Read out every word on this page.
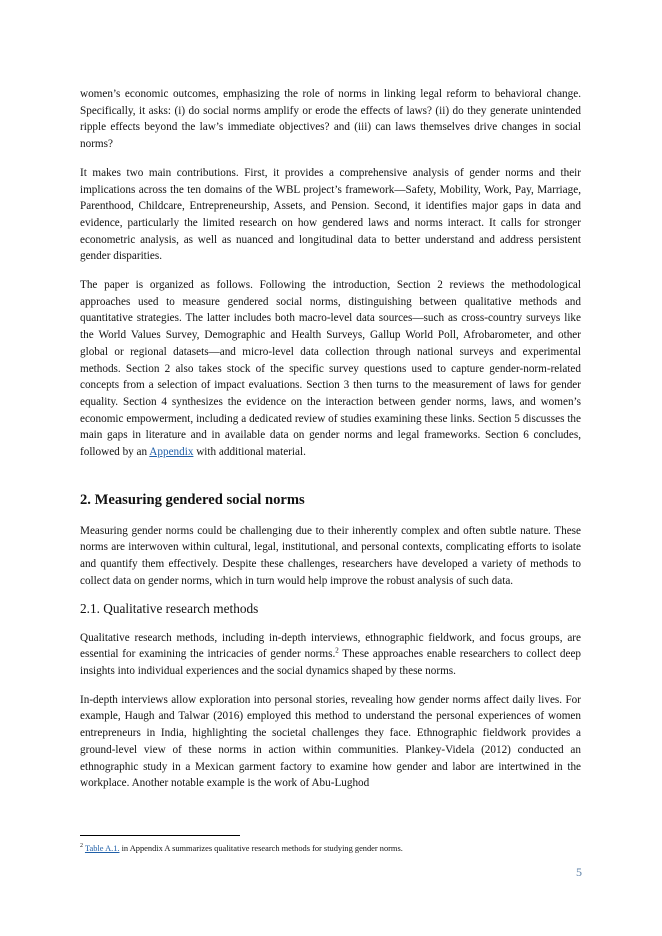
women’s economic outcomes, emphasizing the role of norms in linking legal reform to behavioral change. Specifically, it asks: (i) do social norms amplify or erode the effects of laws? (ii) do they generate unintended ripple effects beyond the law’s immediate objectives? and (iii) can laws themselves drive changes in social norms?

It makes two main contributions. First, it provides a comprehensive analysis of gender norms and their implications across the ten domains of the WBL project’s framework—Safety, Mobility, Work, Pay, Marriage, Parenthood, Childcare, Entrepreneurship, Assets, and Pension. Second, it identifies major gaps in data and evidence, particularly the limited research on how gendered laws and norms interact. It calls for stronger econometric analysis, as well as nuanced and longitudinal data to better understand and address persistent gender disparities.

The paper is organized as follows. Following the introduction, Section 2 reviews the methodological approaches used to measure gendered social norms, distinguishing between qualitative methods and quantitative strategies. The latter includes both macro-level data sources—such as cross-country surveys like the World Values Survey, Demographic and Health Surveys, Gallup World Poll, Afrobarometer, and other global or regional datasets—and micro-level data collection through national surveys and experimental methods. Section 2 also takes stock of the specific survey questions used to capture gender-norm-related concepts from a selection of impact evaluations. Section 3 then turns to the measurement of laws for gender equality. Section 4 synthesizes the evidence on the interaction between gender norms, laws, and women’s economic empowerment, including a dedicated review of studies examining these links. Section 5 discusses the main gaps in literature and in available data on gender norms and legal frameworks. Section 6 concludes, followed by an Appendix with additional material.

2. Measuring gendered social norms

Measuring gender norms could be challenging due to their inherently complex and often subtle nature. These norms are interwoven within cultural, legal, institutional, and personal contexts, complicating efforts to isolate and quantify them effectively. Despite these challenges, researchers have developed a variety of methods to collect data on gender norms, which in turn would help improve the robust analysis of such data.

2.1. Qualitative research methods

Qualitative research methods, including in-depth interviews, ethnographic fieldwork, and focus groups, are essential for examining the intricacies of gender norms.$^2$ These approaches enable researchers to collect deep insights into individual experiences and the social dynamics shaped by these norms.

In-depth interviews allow exploration into personal stories, revealing how gender norms affect daily lives. For example, Haugh and Talwar (2016) employed this method to understand the personal experiences of women entrepreneurs in India, highlighting the societal challenges they face. Ethnographic fieldwork provides a ground-level view of these norms in action within communities. Plankey-Videla (2012) conducted an ethnographic study in a Mexican garment factory to examine how gender and labor are intertwined in the workplace. Another notable example is the work of Abu-Lughod

$^2$ Table A.1. in Appendix A summarizes qualitative research methods for studying gender norms.
5
